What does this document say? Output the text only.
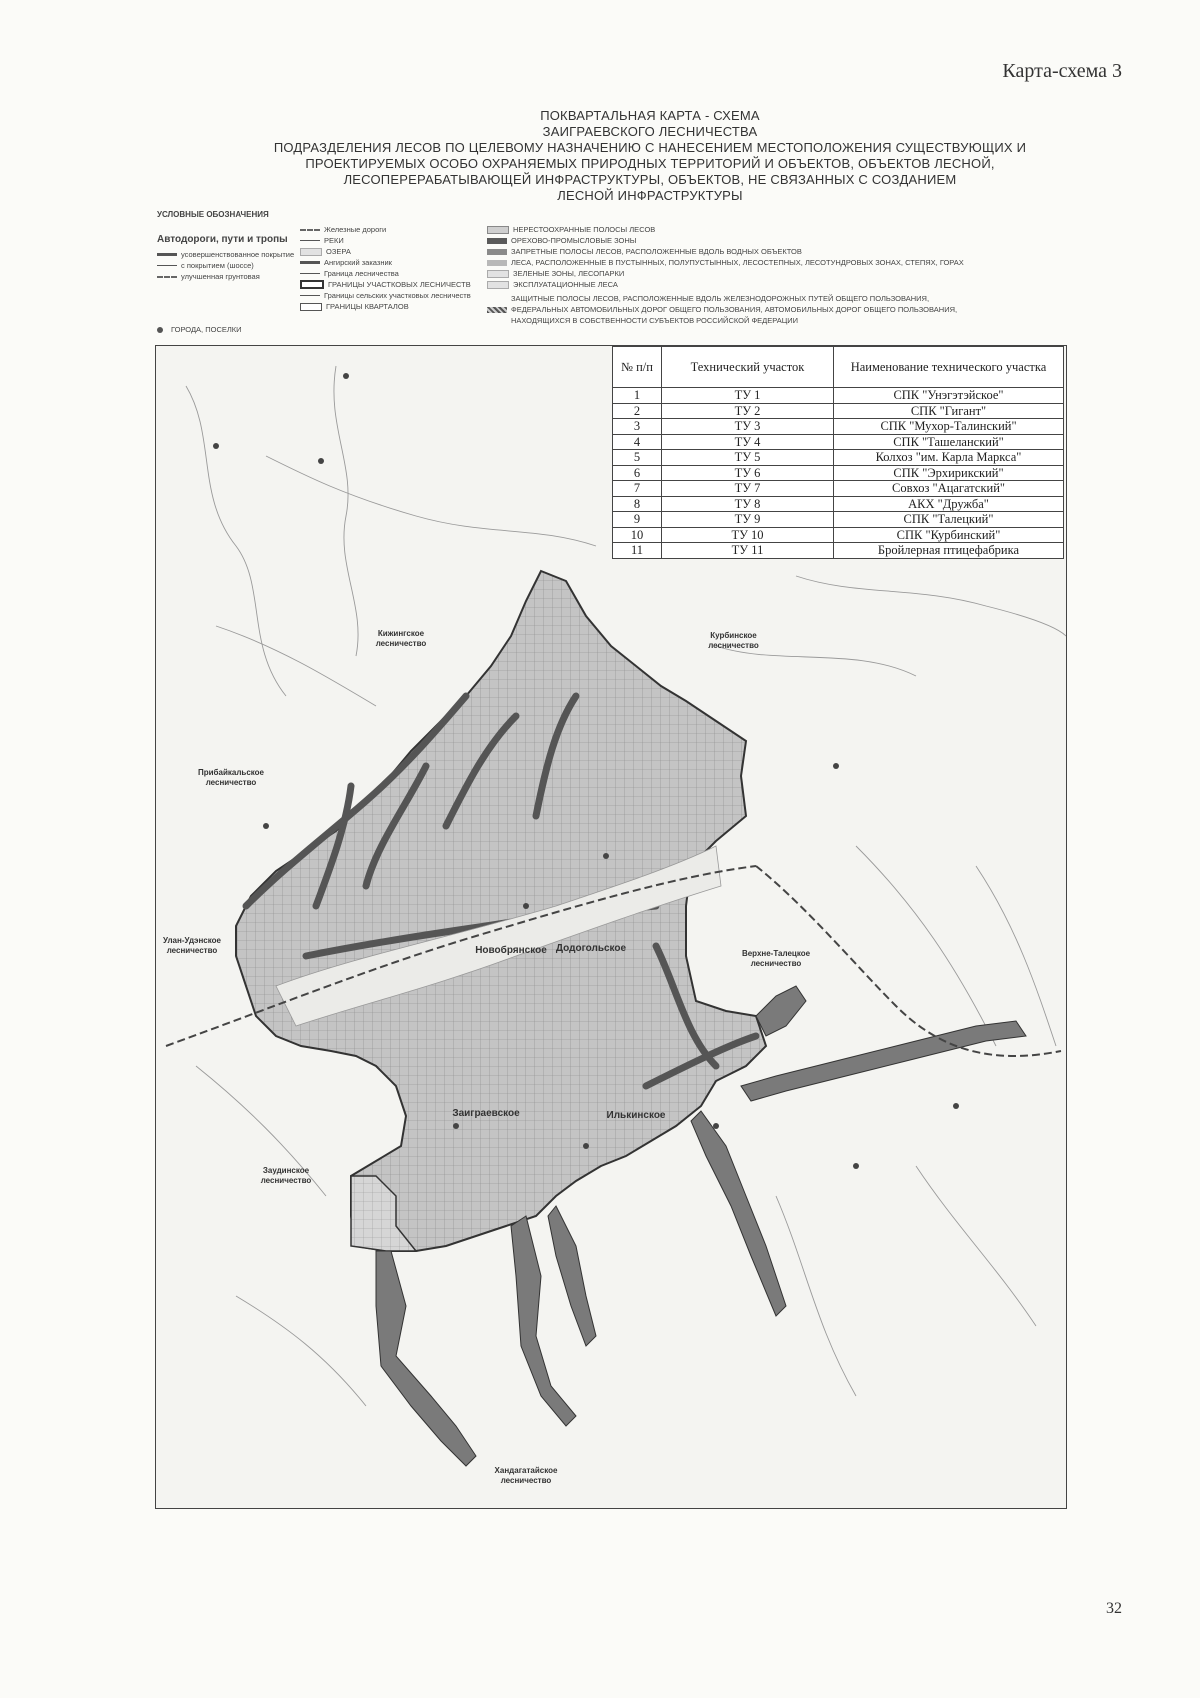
Карта-схема 3
ПОКВАРТАЛЬНАЯ КАРТА - СХЕМА
ЗАИГРАЕВСКОГО ЛЕСНИЧЕСТВА
ПОДРАЗДЕЛЕНИЯ ЛЕСОВ ПО ЦЕЛЕВОМУ НАЗНАЧЕНИЮ С НАНЕСЕНИЕМ МЕСТОПОЛОЖЕНИЯ СУЩЕСТВУЮЩИХ И
ПРОЕКТИРУЕМЫХ ОСОБО ОХРАНЯЕМЫХ ПРИРОДНЫХ ТЕРРИТОРИЙ И ОБЪЕКТОВ, ОБЪЕКТОВ ЛЕСНОЙ,
ЛЕСОПЕРЕРАБАТЫВАЮЩЕЙ ИНФРАСТРУКТУРЫ, ОБЪЕКТОВ, НЕ СВЯЗАННЫХ С СОЗДАНИЕМ
ЛЕСНОЙ ИНФРАСТРУКТУРЫ
УСЛОВНЫЕ ОБОЗНАЧЕНИЯ
Автодороги, пути и тропы
усовершенствованное покрытие
с покрытием (шоссе)
улучшенная грунтовая
ГОРОДА, ПОСЕЛКИ
Железные дороги
РЕКИ
ОЗЕРА
Ангирский заказник
Граница лесничества
ГРАНИЦЫ УЧАСТКОВЫХ ЛЕСНИЧЕСТВ
Границы сельских участковых лесничеств
ГРАНИЦЫ КВАРТАЛОВ
НЕРЕСТООХРАННЫЕ ПОЛОСЫ ЛЕСОВ
ОРЕХОВО-ПРОМЫСЛОВЫЕ ЗОНЫ
ЗАПРЕТНЫЕ ПОЛОСЫ ЛЕСОВ, РАСПОЛОЖЕННЫЕ ВДОЛЬ ВОДНЫХ ОБЪЕКТОВ
ЛЕСА, РАСПОЛОЖЕННЫЕ В ПУСТЫННЫХ, ПОЛУПУСТЫННЫХ, ЛЕСОСТЕПНЫХ, ЛЕСОТУНДРОВЫХ ЗОНАХ, СТЕПЯХ, ГОРАХ
ЗЕЛЕНЫЕ ЗОНЫ, ЛЕСОПАРКИ
ЭКСПЛУАТАЦИОННЫЕ ЛЕСА
ЗАЩИТНЫЕ ПОЛОСЫ ЛЕСОВ, РАСПОЛОЖЕННЫЕ ВДОЛЬ ЖЕЛЕЗНОДОРОЖНЫХ ПУТЕЙ ОБЩЕГО ПОЛЬЗОВАНИЯ,
ФЕДЕРАЛЬНЫХ АВТОМОБИЛЬНЫХ ДОРОГ ОБЩЕГО ПОЛЬЗОВАНИЯ, АВТОМОБИЛЬНЫХ ДОРОГ ОБЩЕГО ПОЛЬЗОВАНИЯ,
НАХОДЯЩИХСЯ В СОБСТВЕННОСТИ СУБЪЕКТОВ РОССИЙСКОЙ ФЕДЕРАЦИИ
Кижингское лесничество
Курбинское лесничество
Прибайкальское лесничество
Улан-Удэнское лесничество	Верхне-Талецкое лесничество
Заудинское лесничество
Хандагатайское лесничество
Заиграевское	Илькинское
Новобрянское Додогольское
№ п/п	Технический участок	Наименование технического участка
1	ТУ 1	СПК "Унэгэтэйское"
2	ТУ 2	СПК "Гигант"
3	ТУ 3	СПК "Мухор-Талинский"
4	ТУ 4	СПК "Ташеланский"
5	ТУ 5	Колхоз "им. Карла Маркса"
6	ТУ 6	СПК "Эрхирикский"
7	ТУ 7	Совхоз "Ацагатский"
8	ТУ 8	АКХ "Дружба"
9	ТУ 9	СПК "Талецкий"
10	ТУ 10	СПК "Курбинский"
11	ТУ 11	Бройлерная птицефабрика
32
